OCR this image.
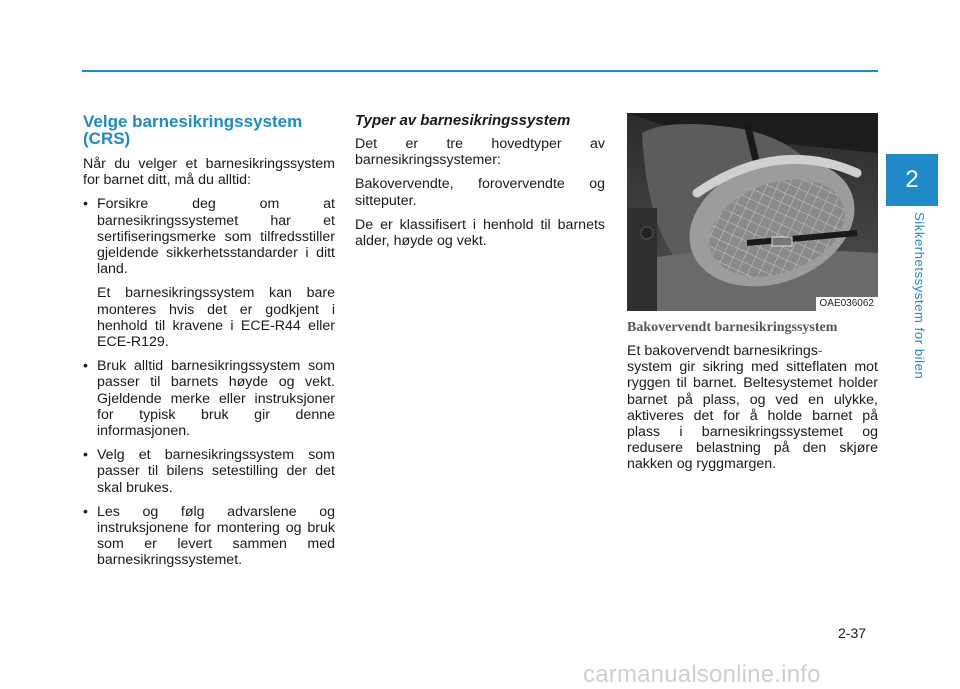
2
Sikkerhetssystem for bilen
Velge barnesikringssystem (CRS)

Når du velger et barnesikringssystem for barnet ditt, må du alltid:

• Forsikre deg om at barnesikringssystemet har et sertifiseringsmerke som tilfredsstiller gjeldende sikkerhetsstandarder i ditt land.

Et barnesikringssystem kan bare monteres hvis det er godkjent i henhold til kravene i ECE-R44 eller ECE-R129.

• Bruk alltid barnesikringssystem som passer til barnets høyde og vekt. Gjeldende merke eller instruksjoner for typisk bruk gir denne informasjonen.

• Velg et barnesikringssystem som passer til bilens setestilling der det skal brukes.

• Les og følg advarslene og instruksjonene for montering og bruk som er levert sammen med barnesikringssystemet.

Typer av barnesikringssystem

Det er tre hovedtyper av barnesikringssystemer:

Bakovervendte, forovervendte og sitteputer.

De er klassifisert i henhold til barnets alder, høyde og vekt.

OAE036062
Bakovervendt barnesikringssystem

Et bakovervendt barnesikrings-
system gir sikring med sitteflaten mot ryggen til barnet. Beltesystemet holder barnet på plass, og ved en ulykke, aktiveres det for å holde barnet på plass i barnesikringssystemet og redusere belastning på den skjøre nakken og ryggmargen.

2-37
carmanualsonline.info
